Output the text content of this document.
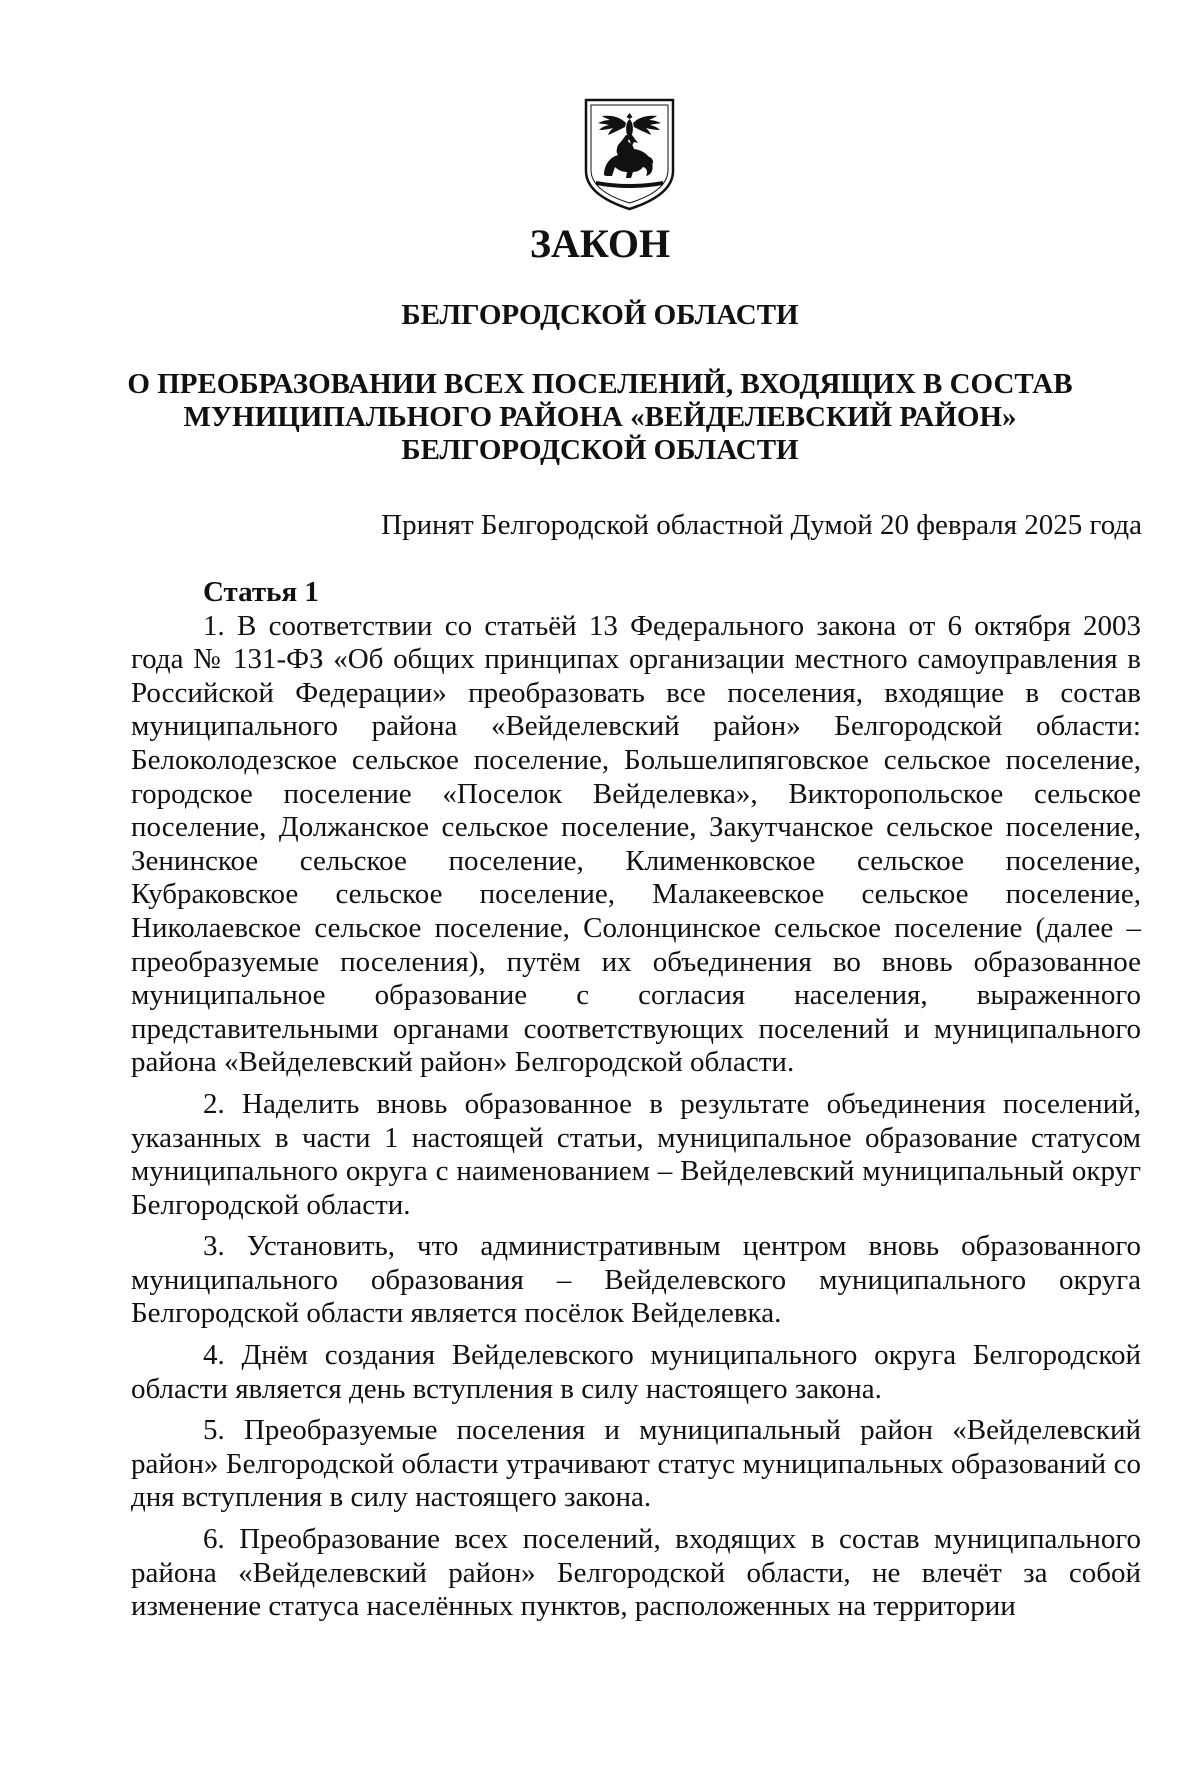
ЗАКОН
БЕЛГОРОДСКОЙ ОБЛАСТИ
О ПРЕОБРАЗОВАНИИ ВСЕХ ПОСЕЛЕНИЙ, ВХОДЯЩИХ В СОСТАВ
МУНИЦИПАЛЬНОГО РАЙОНА «ВЕЙДЕЛЕВСКИЙ РАЙОН»
БЕЛГОРОДСКОЙ ОБЛАСТИ
Принят Белгородской областной Думой 20 февраля 2025 года

Статья 1

1. В соответствии со статьёй 13 Федерального закона от 6 октября 2003 года № 131-ФЗ «Об общих принципах организации местного самоуправления в Российской Федерации» преобразовать все поселения, входящие в состав муниципального района «Вейделевский район» Белгородской области: Белоколодезское сельское поселение, Большелипяговское сельское поселение, городское поселение «Поселок Вейделевка», Викторопольское сельское поселение, Должанское сельское поселение, Закутчанское сельское поселение, Зенинское сельское поселение, Клименковское сельское поселение, Кубраковское сельское поселение, Малакеевское сельское поселение, Николаевское сельское поселение, Солонцинское сельское поселение (далее – преобразуемые поселения), путём их объединения во вновь образованное муниципальное образование с согласия населения, выраженного представительными органами соответствующих поселений и муниципального района «Вейделевский район» Белгородской области.

2. Наделить вновь образованное в результате объединения поселений, указанных в части 1 настоящей статьи, муниципальное образование статусом муниципального округа с наименованием – Вейделевский муниципальный округ Белгородской области.

3. Установить, что административным центром вновь образованного муниципального образования – Вейделевского муниципального округа Белгородской области является посёлок Вейделевка.

4. Днём создания Вейделевского муниципального округа Белгородской области является день вступления в силу настоящего закона.

5. Преобразуемые поселения и муниципальный район «Вейделевский район» Белгородской области утрачивают статус муниципальных образований со дня вступления в силу настоящего закона.

6. Преобразование всех поселений, входящих в состав муниципального района «Вейделевский район» Белгородской области, не влечёт за собой изменение статуса населённых пунктов, расположенных на территории
